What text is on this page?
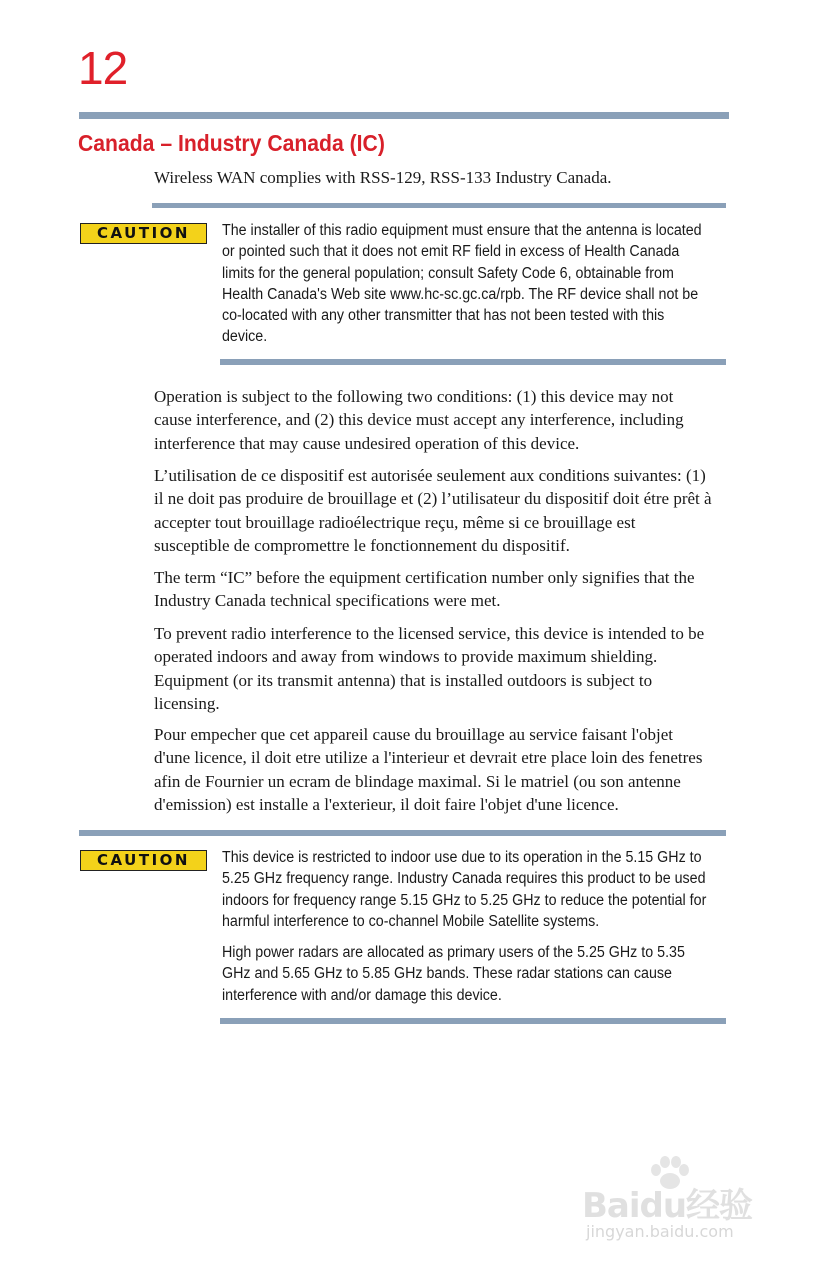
12
Canada – Industry Canada (IC)
Wireless WAN complies with RSS-129, RSS-133 Industry Canada.
CAUTION	The installer of this radio equipment must ensure that the antenna is located
or pointed such that it does not emit RF field in excess of Health Canada
limits for the general population; consult Safety Code 6, obtainable from
Health Canada's Web site www.hc-sc.gc.ca/rpb. The RF device shall not be
co-located with any other transmitter that has not been tested with this
device.
Operation is subject to the following two conditions: (1) this device may not
cause interference, and (2) this device must accept any interference, including
interference that may cause undesired operation of this device.
L’utilisation de ce dispositif est autorisée seulement aux conditions suivantes: (1)
il ne doit pas produire de brouillage et (2) l’utilisateur du dispositif doit étre prêt à
accepter tout brouillage radioélectrique reçu, même si ce brouillage est
susceptible de compromettre le fonctionnement du dispositif.
The term “IC” before the equipment certification number only signifies that the
Industry Canada technical specifications were met.
To prevent radio interference to the licensed service, this device is intended to be
operated indoors and away from windows to provide maximum shielding.
Equipment (or its transmit antenna) that is installed outdoors is subject to
licensing.
Pour empecher que cet appareil cause du brouillage au service faisant l'objet
d'une licence, il doit etre utilize a l'interieur et devrait etre place loin des fenetres
afin de Fournier un ecram de blindage maximal. Si le matriel (ou son antenne
d'emission) est installe a l'exterieur, il doit faire l'objet d'une licence.
CAUTION	This device is restricted to indoor use due to its operation in the 5.15 GHz to
5.25 GHz frequency range. Industry Canada requires this product to be used
indoors for frequency range 5.15 GHz to 5.25 GHz to reduce the potential for
harmful interference to co-channel Mobile Satellite systems.
High power radars are allocated as primary users of the 5.25 GHz to 5.35
GHz and 5.65 GHz to 5.85 GHz bands. These radar stations can cause
interference with and/or damage this device.
Baidu经验
jingyan.baidu.com
